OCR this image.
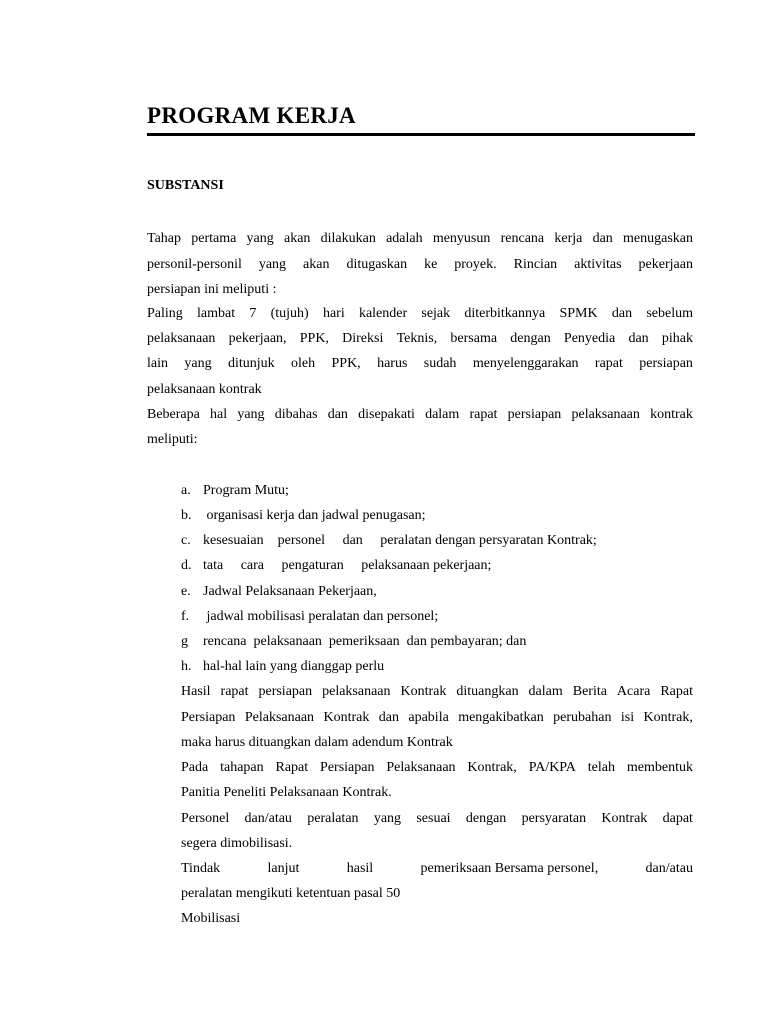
PROGRAM KERJA
SUBSTANSI
Tahap pertama yang akan dilakukan adalah menyusun rencana kerja dan menugaskan
personil-personil yang akan ditugaskan ke proyek. Rincian aktivitas pekerjaan
persiapan ini meliputi :
Paling lambat 7 (tujuh) hari kalender sejak diterbitkannya SPMK dan sebelum
pelaksanaan pekerjaan, PPK, Direksi Teknis, bersama dengan Penyedia dan pihak
lain yang ditunjuk oleh PPK, harus sudah menyelenggarakan rapat persiapan
pelaksanaan kontrak
Beberapa hal yang dibahas dan disepakati dalam rapat persiapan pelaksanaan kontrak
meliputi:
a. Program Mutu;
b. organisasi kerja dan jadwal penugasan;
c. kesesuaian    personel     dan     peralatan dengan persyaratan Kontrak;
d. tata     cara     pengaturan     pelaksanaan pekerjaan;
e. Jadwal Pelaksanaan Pekerjaan,
f. jadwal mobilisasi peralatan dan personel;
g rencana  pelaksanaan  pemeriksaan  dan pembayaran; dan
h. hal-hal lain yang dianggap perlu
Hasil rapat persiapan pelaksanaan Kontrak dituangkan dalam Berita Acara Rapat
Persiapan Pelaksanaan Kontrak dan apabila mengakibatkan perubahan isi Kontrak,
maka harus dituangkan dalam adendum Kontrak
Pada tahapan Rapat Persiapan Pelaksanaan Kontrak, PA/KPA telah membentuk
Panitia Peneliti Pelaksanaan Kontrak.
Personel dan/atau peralatan yang sesuai dengan persyaratan Kontrak dapat
segera dimobilisasi.
Tindak	lanjut	hasil	pemeriksaan Bersama personel,	dan/atau
peralatan mengikuti ketentuan pasal 50
Mobilisasi
